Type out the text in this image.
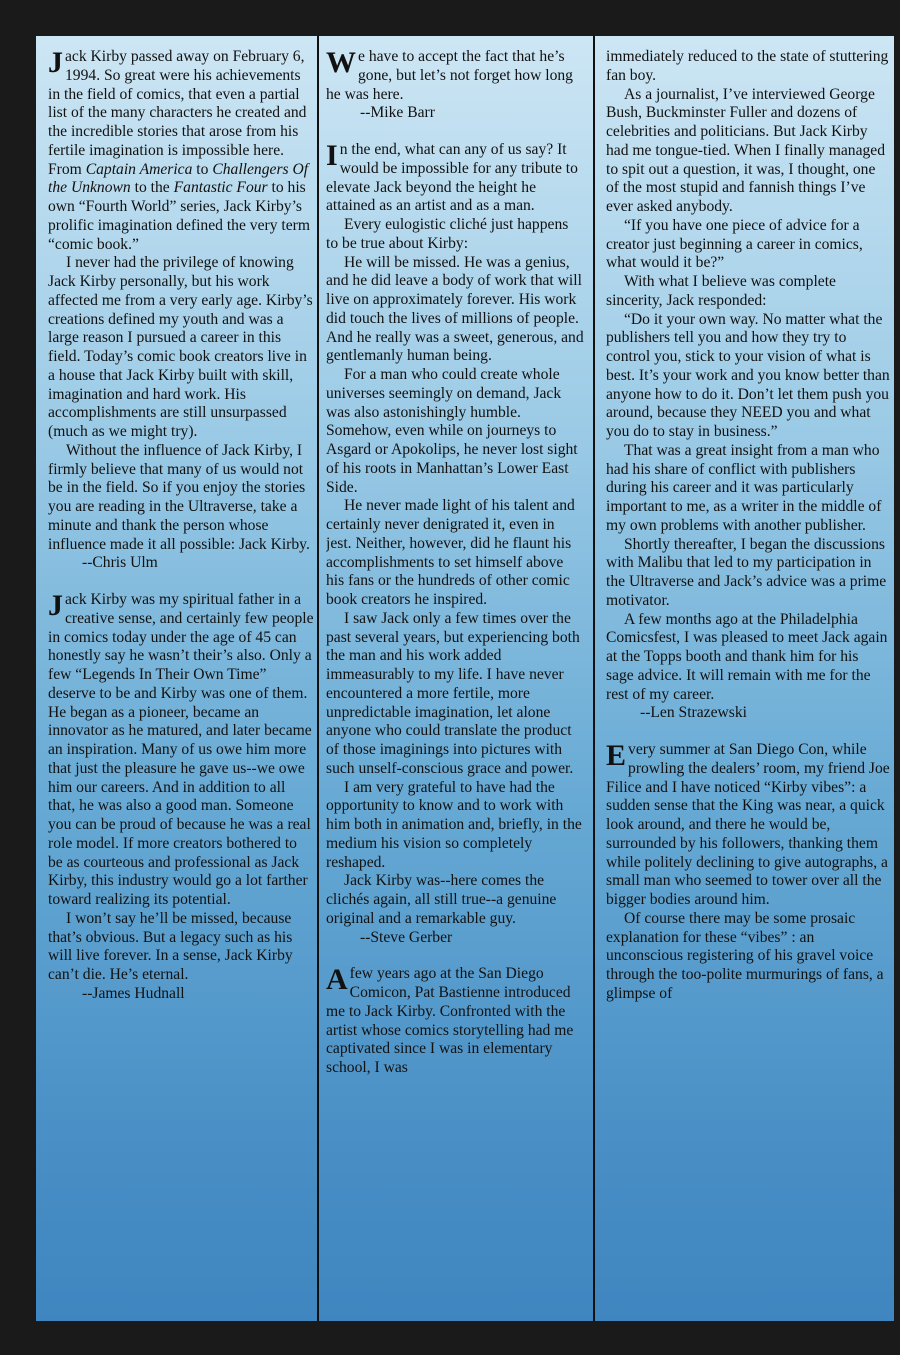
Jack Kirby passed away on February 6, 1994. So great were his achievements in the field of comics, that even a partial list of the many characters he created and the incredible stories that arose from his fertile imagination is impossible here. From Captain America to Challengers Of the Unknown to the Fantastic Four to his own “Fourth World” series, Jack Kirby’s prolific imagination defined the very term “comic book.”

I never had the privilege of knowing Jack Kirby personally, but his work affected me from a very early age. Kirby’s creations defined my youth and was a large reason I pursued a career in this field. Today’s comic book creators live in a house that Jack Kirby built with skill, imagination and hard work. His accomplishments are still unsurpassed (much as we might try).

Without the influence of Jack Kirby, I firmly believe that many of us would not be in the field. So if you enjoy the stories you are reading in the Ultraverse, take a minute and thank the person whose influence made it all possible: Jack Kirby.

--Chris Ulm

Jack Kirby was my spiritual father in a creative sense, and certainly few people in comics today under the age of 45 can honestly say he wasn’t their’s also. Only a few “Legends In Their Own Time” deserve to be and Kirby was one of them. He began as a pioneer, became an innovator as he matured, and later became an inspiration. Many of us owe him more that just the pleasure he gave us--we owe him our careers. And in addition to all that, he was also a good man. Someone you can be proud of because he was a real role model. If more creators bothered to be as courteous and professional as Jack Kirby, this industry would go a lot farther toward realizing its potential.

I won’t say he’ll be missed, because that’s obvious. But a legacy such as his will live forever. In a sense, Jack Kirby can’t die. He’s eternal.

--James Hudnall

We have to accept the fact that he’s gone, but let’s not forget how long he was here.

--Mike Barr

In the end, what can any of us say? It would be impossible for any tribute to elevate Jack beyond the height he attained as an artist and as a man.

Every eulogistic cliché just happens to be true about Kirby:

He will be missed. He was a genius, and he did leave a body of work that will live on approximately forever. His work did touch the lives of millions of people. And he really was a sweet, generous, and gentlemanly human being.

For a man who could create whole universes seemingly on demand, Jack was also astonishingly humble. Somehow, even while on journeys to Asgard or Apokolips, he never lost sight of his roots in Manhattan’s Lower East Side.

He never made light of his talent and certainly never denigrated it, even in jest. Neither, however, did he flaunt his accomplishments to set himself above his fans or the hundreds of other comic book creators he inspired.

I saw Jack only a few times over the past several years, but experiencing both the man and his work added immeasurably to my life. I have never encountered a more fertile, more unpredictable imagination, let alone anyone who could translate the product of those imaginings into pictures with such unself-conscious grace and power.

I am very grateful to have had the opportunity to know and to work with him both in animation and, briefly, in the medium his vision so completely reshaped.

Jack Kirby was--here comes the clichés again, all still true--a genuine original and a remarkable guy.

--Steve Gerber

A few years ago at the San Diego Comicon, Pat Bastienne introduced me to Jack Kirby. Confronted with the artist whose comics storytelling had me captivated since I was in elementary school, I was

immediately reduced to the state of stuttering fan boy.

As a journalist, I’ve interviewed George Bush, Buckminster Fuller and dozens of celebrities and politicians. But Jack Kirby had me tongue-tied. When I finally managed to spit out a question, it was, I thought, one of the most stupid and fannish things I’ve ever asked anybody.

“If you have one piece of advice for a creator just beginning a career in comics, what would it be?”

With what I believe was complete sincerity, Jack responded:

“Do it your own way. No matter what the publishers tell you and how they try to control you, stick to your vision of what is best. It’s your work and you know better than anyone how to do it. Don’t let them push you around, because they NEED you and what you do to stay in business.”

That was a great insight from a man who had his share of conflict with publishers during his career and it was particularly important to me, as a writer in the middle of my own problems with another publisher.

Shortly thereafter, I began the discussions with Malibu that led to my participation in the Ultraverse and Jack’s advice was a prime motivator.

A few months ago at the Philadelphia Comicsfest, I was pleased to meet Jack again at the Topps booth and thank him for his sage advice. It will remain with me for the rest of my career.

--Len Strazewski

Every summer at San Diego Con, while prowling the dealers’ room, my friend Joe Filice and I have noticed “Kirby vibes”: a sudden sense that the King was near, a quick look around, and there he would be, surrounded by his followers, thanking them while politely declining to give autographs, a small man who seemed to tower over all the bigger bodies around him.

Of course there may be some prosaic explanation for these “vibes” : an unconscious registering of his gravel voice through the too-polite murmurings of fans, a glimpse of
